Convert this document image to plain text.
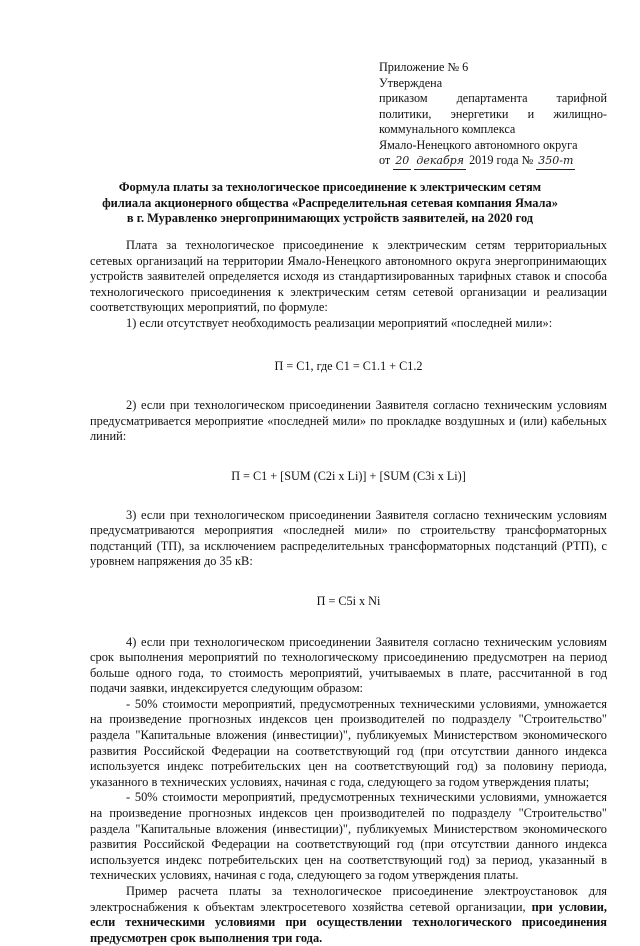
Приложение № 6
Утверждена
приказом департамента тарифной
политики, энергетики и жилищно-
коммунального комплекса
Ямало-Ненецкого автономного округа
от 20 декабря 2019 года № 350-т
Формула платы за технологическое присоединение к электрическим сетям
филиала акционерного общества «Распределительная сетевая компания Ямала»
в г. Муравленко энергопринимающих устройств заявителей, на 2020 год

Плата за технологическое присоединение к электрическим сетям территориальных сетевых организаций на территории Ямало-Ненецкого автономного округа энергопринимающих устройств заявителей определяется исходя из стандартизированных тарифных ставок и способа технологического присоединения к электрическим сетям сетевой организации и реализации соответствующих мероприятий, по формуле:

1) если отсутствует необходимость реализации мероприятий «последней мили»:

П = С1, где С1 = С1.1 + С1.2

2) если при технологическом присоединении Заявителя согласно техническим условиям предусматривается мероприятие «последней мили» по прокладке воздушных и (или) кабельных линий:

П = С1 + [SUM (С2i x Li)] + [SUM (С3i x Li)]

3) если при технологическом присоединении Заявителя согласно техническим условиям предусматриваются мероприятия «последней мили» по строительству трансформаторных подстанций (ТП), за исключением распределительных трансформаторных подстанций (РТП), с уровнем напряжения до 35 кВ:

П = С5i x Ni

4) если при технологическом присоединении Заявителя согласно техническим условиям срок выполнения мероприятий по технологическому присоединению предусмотрен на период больше одного года, то стоимость мероприятий, учитываемых в плате, рассчитанной в год подачи заявки, индексируется следующим образом:

- 50% стоимости мероприятий, предусмотренных техническими условиями, умножается на произведение прогнозных индексов цен производителей по подразделу "Строительство" раздела "Капитальные вложения (инвестиции)", публикуемых Министерством экономического развития Российской Федерации на соответствующий год (при отсутствии данного индекса используется индекс потребительских цен на соответствующий год) за половину периода, указанного в технических условиях, начиная с года, следующего за годом утверждения платы;

- 50% стоимости мероприятий, предусмотренных техническими условиями, умножается на произведение прогнозных индексов цен производителей по подразделу "Строительство" раздела "Капитальные вложения (инвестиции)", публикуемых Министерством экономического развития Российской Федерации на соответствующий год (при отсутствии данного индекса используется индекс потребительских цен на соответствующий год) за период, указанный в технических условиях, начиная с года, следующего за годом утверждения платы.

Пример расчета платы за технологическое присоединение электроустановок для электроснабжения к объектам электросетевого хозяйства сетевой организации, при условии, если техническими условиями при осуществлении технологического присоединения предусмотрен срок выполнения три года.
